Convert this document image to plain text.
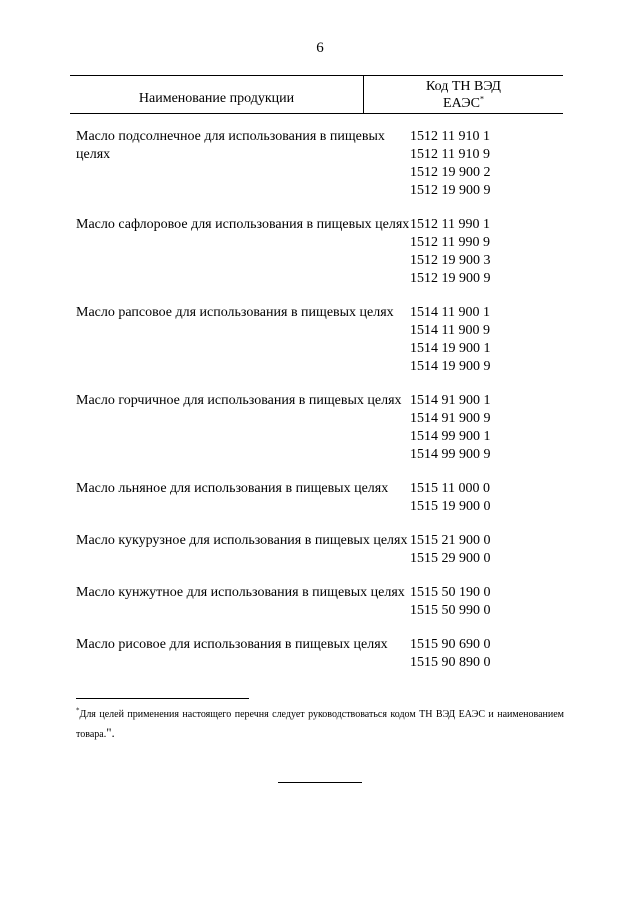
6
Наименование продукции
Код ТН ВЭД
ЕАЭС*
Масло подсолнечное для использования в пищевых целях
1512 11 910 1
1512 11 910 9
1512 19 900 2
1512 19 900 9
Масло сафлоровое для использования в пищевых целях 1512 11 990 1
1512 11 990 9
1512 19 900 3
1512 19 900 9
Масло рапсовое для использования в пищевых целях	1514 11 900 1
1514 11 900 9
1514 19 900 1
1514 19 900 9
Масло горчичное для использования в пищевых целях 1514 91 900 1
1514 91 900 9
1514 99 900 1
1514 99 900 9
Масло льняное для использования в пищевых целях	1515 11 000 0
1515 19 900 0
Масло кукурузное для использования в пищевых целях 1515 21 900 0
1515 29 900 0
Масло кунжутное для использования в пищевых целях 1515 50 190 0
1515 50 990 0
Масло рисовое для использования в пищевых целях	1515 90 690 0
1515 90 890 0
*Для целей применения настоящего перечня следует руководствоваться кодом ТН ВЭД ЕАЭС и наименованием товара.".
